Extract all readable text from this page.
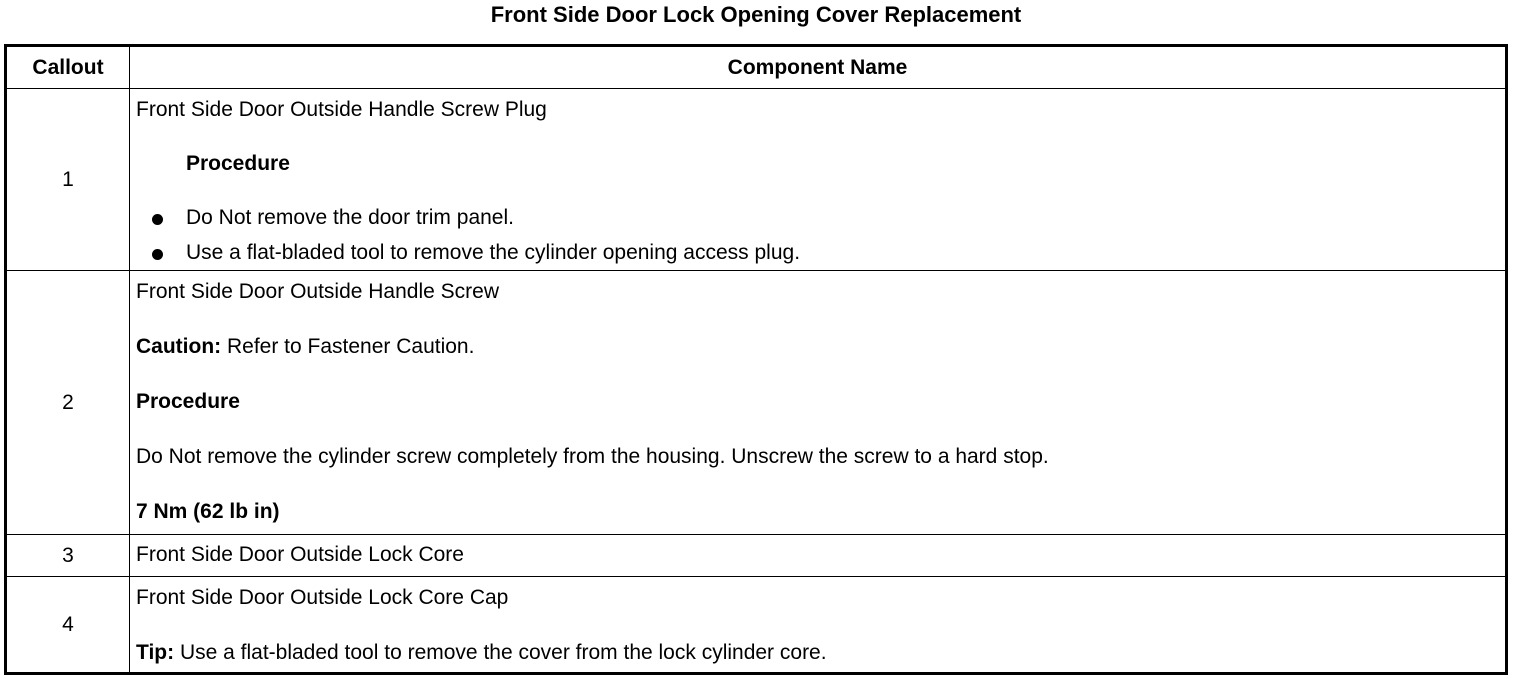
Front Side Door Lock Opening Cover Replacement
Callout	Component Name
1
Front Side Door Outside Handle Screw Plug
Procedure
Do Not remove the door trim panel.
Use a flat-bladed tool to remove the cylinder opening access plug.
2
Front Side Door Outside Handle Screw
Caution: Refer to Fastener Caution.
Procedure
Do Not remove the cylinder screw completely from the housing. Unscrew the screw to a hard stop.
7 Nm (62 lb in)
3	Front Side Door Outside Lock Core
4
Front Side Door Outside Lock Core Cap
Tip: Use a flat-bladed tool to remove the cover from the lock cylinder core.
